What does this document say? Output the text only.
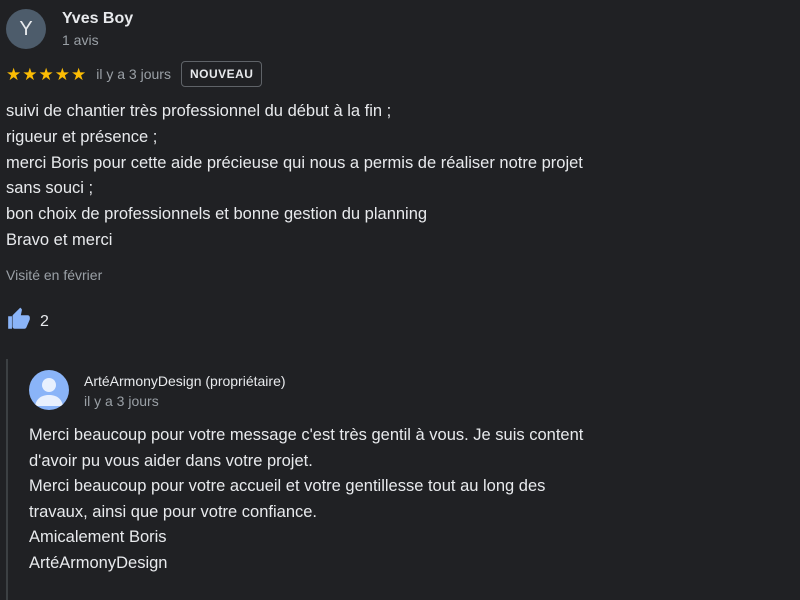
Y	Yves Boy
1 avis
★ ★ ★ ★ ★ il y a 3 jours	NOUVEAU
suivi de chantier très professionnel du début à la fin ;
rigueur et présence ;
merci Boris pour cette aide précieuse qui nous a permis de réaliser notre projet
sans souci ;
bon choix de professionnels et bonne gestion du planning
Bravo et merci
Visité en février
2
ArtéArmonyDesign (propriétaire)
il y a 3 jours
Merci beaucoup pour votre message c'est très gentil à vous. Je suis content
d'avoir pu vous aider dans votre projet.
Merci beaucoup pour votre accueil et votre gentillesse tout au long des
travaux, ainsi que pour votre confiance.
Amicalement Boris
ArtéArmonyDesign
